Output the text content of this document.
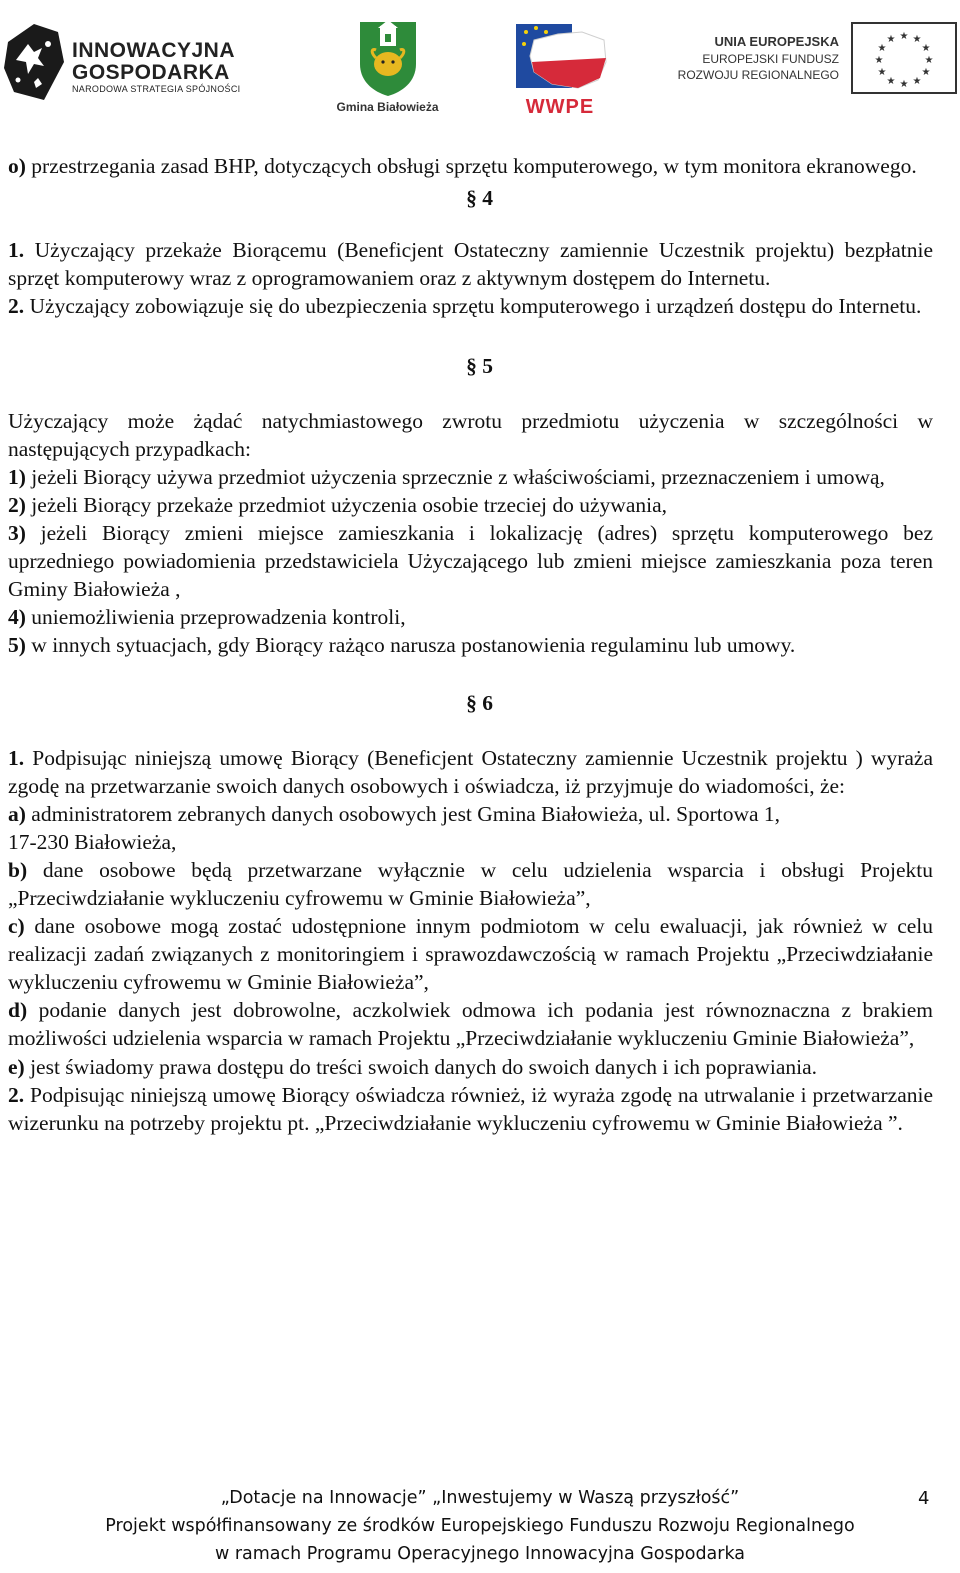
INNOWACYJNA
GOSPODARKA
NARODOWA STRATEGIA SPÓJNOŚCI
Gmina Białowieża	WWPE
UNIA EUROPEJSKA
EUROPEJSKI FUNDUSZ
ROZWOJU REGIONALNEGO
★ ★
★
★
★
★
★
★
★
★
★
★

o) przestrzegania zasad BHP, dotyczących obsługi sprzętu komputerowego, w tym monitora ekranowego.

§ 4

1. Użyczający przekaże Biorącemu (Beneficjent Ostateczny zamiennie Uczestnik projektu) bezpłatnie sprzęt komputerowy wraz z oprogramowaniem oraz z aktywnym dostępem do Internetu.

2. Użyczający zobowiązuje się do ubezpieczenia sprzętu komputerowego i urządzeń dostępu do Internetu.

§ 5

Użyczający może żądać natychmiastowego zwrotu przedmiotu użyczenia w szczególności w następujących przypadkach:

1) jeżeli Biorący używa przedmiot użyczenia sprzecznie z właściwościami, przeznaczeniem i umową,

2) jeżeli Biorący przekaże przedmiot użyczenia osobie trzeciej do używania,

3) jeżeli Biorący zmieni miejsce zamieszkania i lokalizację (adres) sprzętu komputerowego bez uprzedniego powiadomienia przedstawiciela Użyczającego lub zmieni miejsce zamieszkania poza teren Gminy Białowieża ,

4) uniemożliwienia przeprowadzenia kontroli,

5) w innych sytuacjach, gdy Biorący rażąco narusza postanowienia regulaminu lub umowy.

§ 6

1. Podpisując niniejszą umowę Biorący (Beneficjent Ostateczny zamiennie Uczestnik projektu ) wyraża zgodę na przetwarzanie swoich danych osobowych i oświadcza, iż przyjmuje do wiadomości, że:

a) administratorem zebranych danych osobowych jest Gmina Białowieża, ul. Sportowa 1,
17-230 Białowieża,

b) dane osobowe będą przetwarzane wyłącznie w celu udzielenia wsparcia i obsługi Projektu „Przeciwdziałanie wykluczeniu cyfrowemu w Gminie Białowieża”,

c) dane osobowe mogą zostać udostępnione innym podmiotom w celu ewaluacji, jak również w celu realizacji zadań związanych z monitoringiem i sprawozdawczością w ramach Projektu „Przeciwdziałanie wykluczeniu cyfrowemu w Gminie Białowieża”,

d) podanie danych jest dobrowolne, aczkolwiek odmowa ich podania jest równoznaczna z brakiem możliwości udzielenia wsparcia w ramach Projektu „Przeciwdziałanie wykluczeniu Gminie Białowieża”,

e) jest świadomy prawa dostępu do treści swoich danych do swoich danych i ich poprawiania.

2. Podpisując niniejszą umowę Biorący oświadcza również, iż wyraża zgodę na utrwalanie i przetwarzanie wizerunku na potrzeby projektu pt. „Przeciwdziałanie wykluczeniu cyfrowemu w Gminie Białowieża ”.

„Dotacje na Innowacje” „Inwestujemy w Waszą przyszłość”
Projekt współfinansowany ze środków Europejskiego Funduszu Rozwoju Regionalnego
w ramach Programu Operacyjnego Innowacyjna Gospodarka
4
